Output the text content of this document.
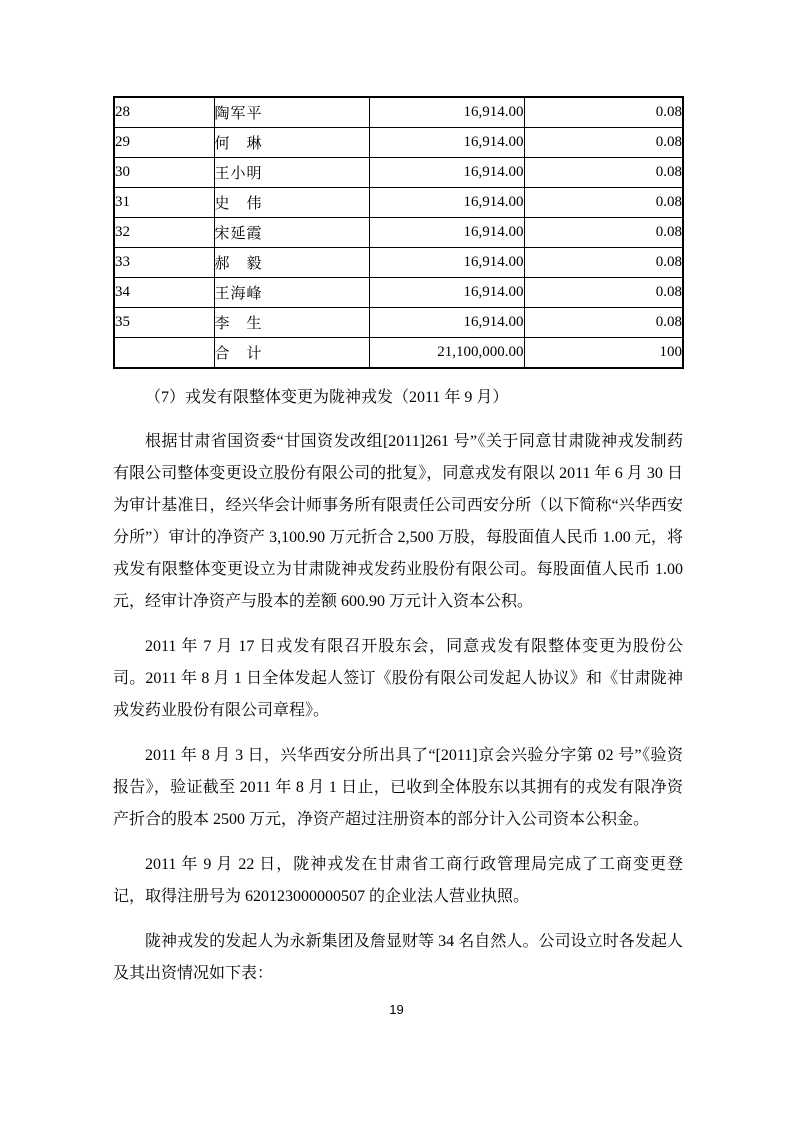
28	陶军平	16,914.00	0.08
29	何　琳	16,914.00	0.08
30	王小明	16,914.00	0.08
31	史　伟	16,914.00	0.08
32	宋延霞	16,914.00	0.08
33	郝　毅	16,914.00	0.08
34	王海峰	16,914.00	0.08
35	李　生	16,914.00	0.08
	合　计	21,100,000.00	100

（7）戎发有限整体变更为陇神戎发（2011 年 9 月）

根据甘肃省国资委“甘国资发改组[2011]261 号”《关于同意甘肃陇神戎发制药有限公司整体变更设立股份有限公司的批复》，同意戎发有限以 2011 年 6 月 30 日为审计基准日，经兴华会计师事务所有限责任公司西安分所（以下简称“兴华西安分所”）审计的净资产 3,100.90 万元折合 2,500 万股，每股面值人民币 1.00 元，将戎发有限整体变更设立为甘肃陇神戎发药业股份有限公司。每股面值人民币 1.00 元，经审计净资产与股本的差额 600.90 万元计入资本公积。

2011 年 7 月 17 日戎发有限召开股东会，同意戎发有限整体变更为股份公司。2011 年 8 月 1 日全体发起人签订《股份有限公司发起人协议》和《甘肃陇神戎发药业股份有限公司章程》。

2011 年 8 月 3 日，兴华西安分所出具了“[2011]京会兴验分字第 02 号”《验资报告》，验证截至 2011 年 8 月 1 日止，已收到全体股东以其拥有的戎发有限净资产折合的股本 2500 万元，净资产超过注册资本的部分计入公司资本公积金。

2011 年 9 月 22 日，陇神戎发在甘肃省工商行政管理局完成了工商变更登记，取得注册号为 620123000000507 的企业法人营业执照。

陇神戎发的发起人为永新集团及詹显财等 34 名自然人。公司设立时各发起人及其出资情况如下表：

19
